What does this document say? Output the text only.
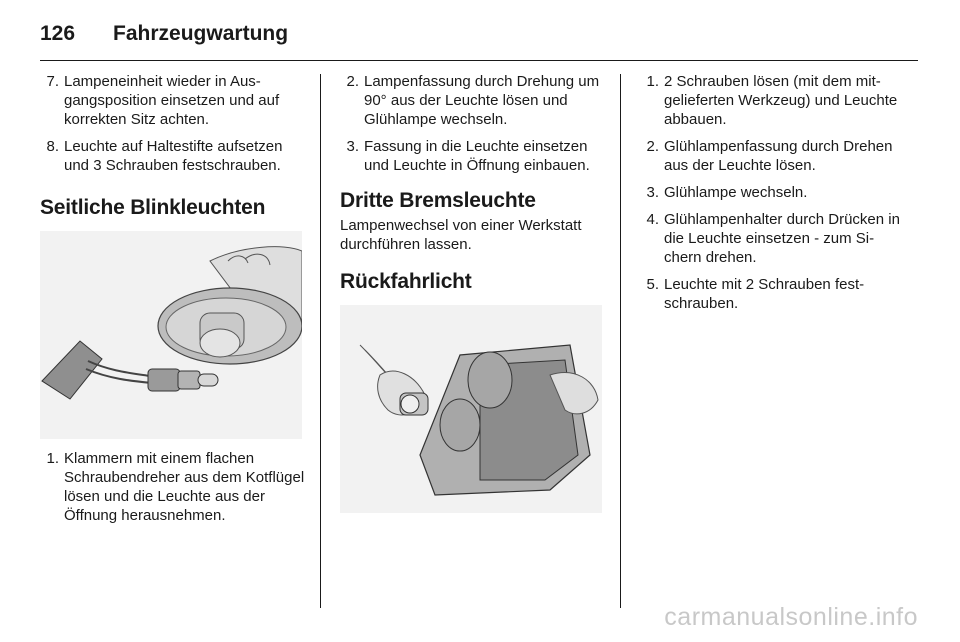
126 Fahrzeugwartung
7. Lampeneinheit wieder in Ausgangsposition einsetzen und auf korrekten Sitz achten.
8. Leuchte auf Haltestifte aufsetzen und 3 Schrauben festschrauben.
Seitliche Blinkleuchten
1. Klammern mit einem flachen Schraubendreher aus dem Kotflügel lösen und die Leuchte aus der Öffnung herausnehmen.
2. Lampenfassung durch Drehung um 90° aus der Leuchte lösen und Glühlampe wechseln.
3. Fassung in die Leuchte einsetzen und Leuchte in Öffnung einbauen.
Dritte Bremsleuchte

Lampenwechsel von einer Werkstatt durchführen lassen.

Rückfahrlicht
1. 2 Schrauben lösen (mit dem mitgelieferten Werkzeug) und Leuchte abbauen.
2. Glühlampenfassung durch Drehen aus der Leuchte lösen.
3. Glühlampe wechseln.
4. Glühlampenhalter durch Drücken in die Leuchte einsetzen - zum Sichern drehen.
5. Leuchte mit 2 Schrauben festschrauben.
carmanualsonline.info
